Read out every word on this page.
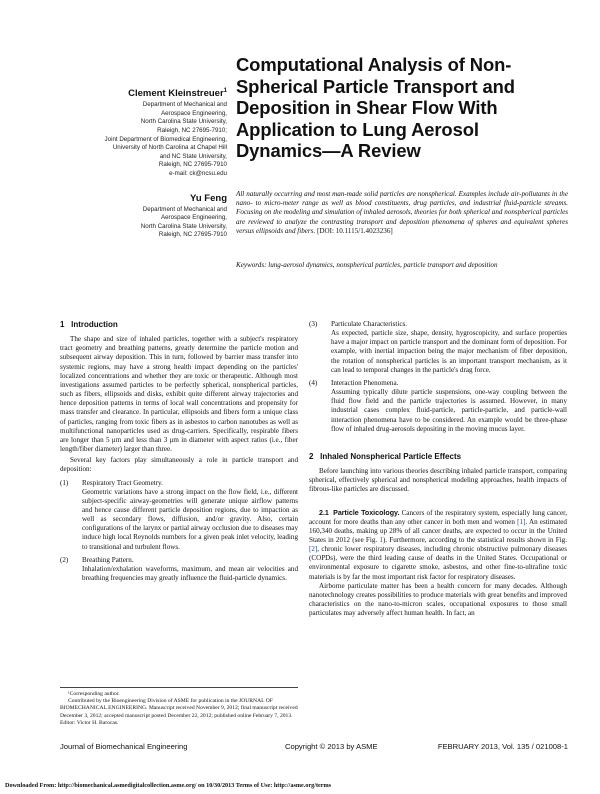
Clement Kleinstreuer$^1$
Department of Mechanical and
Aerospace Engineering,
North Carolina State University,
Raleigh, NC 27695-7910;
Joint Department of Biomedical Engineering,
University of North Carolina at Chapel Hill
and NC State University,
Raleigh, NC 27695-7910
e-mail: ck@ncsu.edu
Yu Feng
Department of Mechanical and
Aerospace Engineering,
North Carolina State University,
Raleigh, NC 27695-7910
Computational Analysis of Non-Spherical Particle Transport and Deposition in Shear Flow With Application to Lung Aerosol Dynamics—A Review
All naturally occurring and most man-made solid particles are nonspherical. Examples include air-pollutants in the nano- to micro-meter range as well as blood constituents, drug particles, and industrial fluid-particle streams. Focusing on the modeling and simulation of inhaled aerosols, theories for both spherical and nonspherical particles are reviewed to analyze the contrasting transport and deposition phenomena of spheres and equivalent spheres versus ellipsoids and fibers. [DOI: 10.1115/1.4023236]
Keywords: lung-aerosol dynamics, nonspherical particles, particle transport and deposition
1 Introduction

The shape and size of inhaled particles, together with a subject's respiratory tract geometry and breathing patterns, greatly determine the particle motion and subsequent airway deposition. This in turn, followed by barrier mass transfer into systemic regions, may have a strong health impact depending on the particles' localized concentrations and whether they are toxic or therapeutic. Although most investigations assumed particles to be perfectly spherical, nonspherical particles, such as fibers, ellipsoids and disks, exhibit quite different airway trajectories and hence deposition patterns in terms of local wall concentrations and propensity for mass transfer and clearance. In particular, ellipsoids and fibers form a unique class of particles, ranging from toxic fibers as in asbestos to carbon nanotubes as well as multifunctional nanoparticles used as drug-carriers. Specifically, respirable fibers are longer than 5 μm and less than 3 μm in diameter with aspect ratios (i.e., fiber length/fiber diameter) larger than three.

Several key factors play simultaneously a role in particle transport and deposition:

(1) Respiratory Tract Geometry.

Geometric variations have a strong impact on the flow field, i.e., different subject-specific airway-geometries will generate unique airflow patterns and hence cause different particle deposition regions, due to impaction as well as secondary flows, diffusion, and/or gravity. Also, certain configurations of the larynx or partial airway occlusion due to diseases may induce high local Reynolds numbers for a given peak inlet velocity, leading to transitional and turbulent flows.

(2) Breathing Pattern.

Inhalation/exhalation waveforms, maximum, and mean air velocities and breathing frequencies may greatly influence the fluid-particle dynamics.

¹Corresponding author.

Contributed by the Bioengineering Division of ASME for publication in the JOURNAL OF BIOMECHANICAL ENGINEERING. Manuscript received November 9, 2012; final manuscript received December 3, 2012; accepted manuscript posted December 22, 2012; published online February 7, 2013. Editor: Victor H. Barocas.

(3) Particulate Characteristics.

As expected, particle size, shape, density, hygroscopicity, and surface properties have a major impact on particle transport and the dominant form of deposition. For example, with inertial impaction being the major mechanism of fiber deposition, the rotation of nonspherical particles is an important transport mechanism, as it can lead to temporal changes in the particle's drag force.

(4) Interaction Phenomena.

Assuming typically dilute particle suspensions, one-way coupling between the fluid flow field and the particle trajectories is assumed. However, in many industrial cases complex fluid-particle, particle-particle, and particle-wall interaction phenomena have to be considered. An example would be three-phase flow of inhaled drug-aerosols depositing in the moving mucus layer.

2 Inhaled Nonspherical Particle Effects

Before launching into various theories describing inhaled particle transport, comparing spherical, effectively spherical and nonspherical modeling approaches, health impacts of fibrous-like particles are discussed.

2.1 Particle Toxicology. Cancers of the respiratory system, especially lung cancer, account for more deaths than any other cancer in both men and women [1]. An estimated 160,340 deaths, making up 28% of all cancer deaths, are expected to occur in the United States in 2012 (see Fig. 1). Furthermore, according to the statistical results shown in Fig. [2], chronic lower respiratory diseases, including chronic obstructive pulmonary diseases (COPDs), were the third leading cause of deaths in the United States. Occupational or environmental exposure to cigarette smoke, asbestos, and other fine-to-ultrafine toxic materials is by far the most important risk factor for respiratory diseases.

Airborne particulate matter has been a health concern for many decades. Although nanotechnology creates possibilities to produce materials with great benefits and improved characteristics on the nano-to-micron scales, occupational exposures to those small particulates may adversely affect human health. In fact, an

Journal of Biomechanical Engineering	Copyright © 2013 by ASME	FEBRUARY 2013, Vol. 135 / 021008-1
Downloaded From: http://biomechanical.asmedigitalcollection.asme.org/ on 10/30/2013 Terms of Use: http://asme.org/terms
